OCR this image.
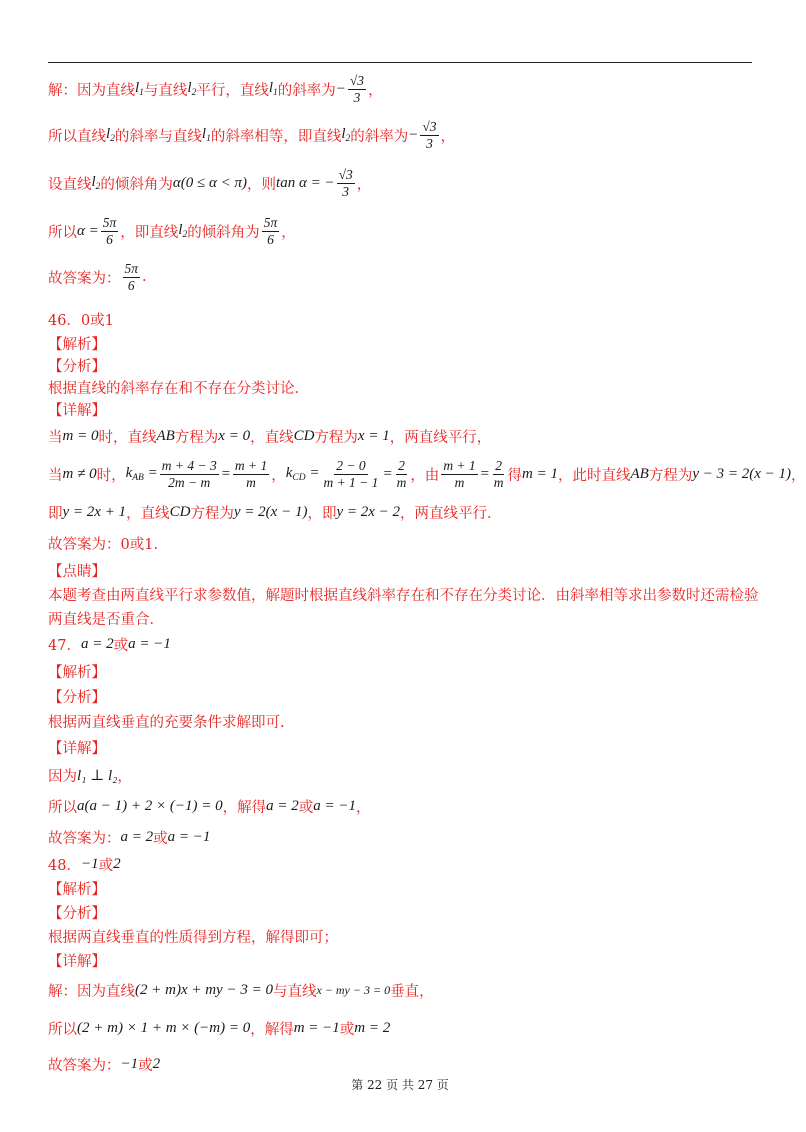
解：因为直线 $l_1$ 与直线 $l_2$ 平行，直线 $l_1$ 的斜率为 − $\frac{√3}{3}$ ，
所以直线 $l_2$ 的斜率与直线 $l_1$ 的斜率相等，即直线 $l_2$ 的斜率为 − $\frac{√3}{3}$ ，
设直线 $l_2$ 的倾斜角为 α(0 ≤ α < π) ，则 tan α = − $\frac{√3}{3}$ ，
所以 $\alpha = \frac{5\pi}{6}$ ，即直线 $l_2$ 的倾斜角为 $\frac{5\pi}{6}$ ，
故答案为： $\frac{5\pi}{6}$ .
46．0或1
【解析】
【分析】
根据直线的斜率存在和不存在分类讨论．
【详解】
当 m = 0 时，直线 AB 方程为 x = 0 ，直线 CD 方程为 x = 1 ，两直线平行，
当 m ≠ 0 时， $k_{AB} = \frac{m + 4 - 3}{2m - m} = \frac{m + 1}{m}$ ， $k_{CD} = \frac{2 - 0}{m + 1 - 1} = \frac{2}{m}$ ，由 $\frac{m + 1}{m} = \frac{2}{m}$ 得 m = 1 ，此时直线 AB 方程为 y − 3 = 2(x − 1) ，
即 y = 2x + 1 ，直线 CD 方程为 y = 2(x − 1) ，即 y = 2x − 2 ，两直线平行．
故答案为：0或1.
【点睛】
本题考查由两直线平行求参数值，解题时根据直线斜率存在和不存在分类讨论．由斜率相等求出参数时还需检验
两直线是否重合．
47． a = 2 或 a = −1
【解析】
【分析】
根据两直线垂直的充要条件求解即可.
【详解】
因为 l₁ ⊥ l₂ ，
所以 a(a − 1) + 2 × (−1) = 0 ，解得 a = 2 或 a = −1 ，
故答案为： a = 2 或 a = −1
48． −1 或 2
【解析】
【分析】
根据两直线垂直的性质得到方程，解得即可；
【详解】
解：因为直线 (2 + m)x + my − 3 = 0 与直线 x − my − 3 = 0 垂直，
所以 (2 + m) × 1 + m × (−m) = 0 ，解得 m = −1 或 m = 2
故答案为： −1 或 2
第 22 页 共 27 页
